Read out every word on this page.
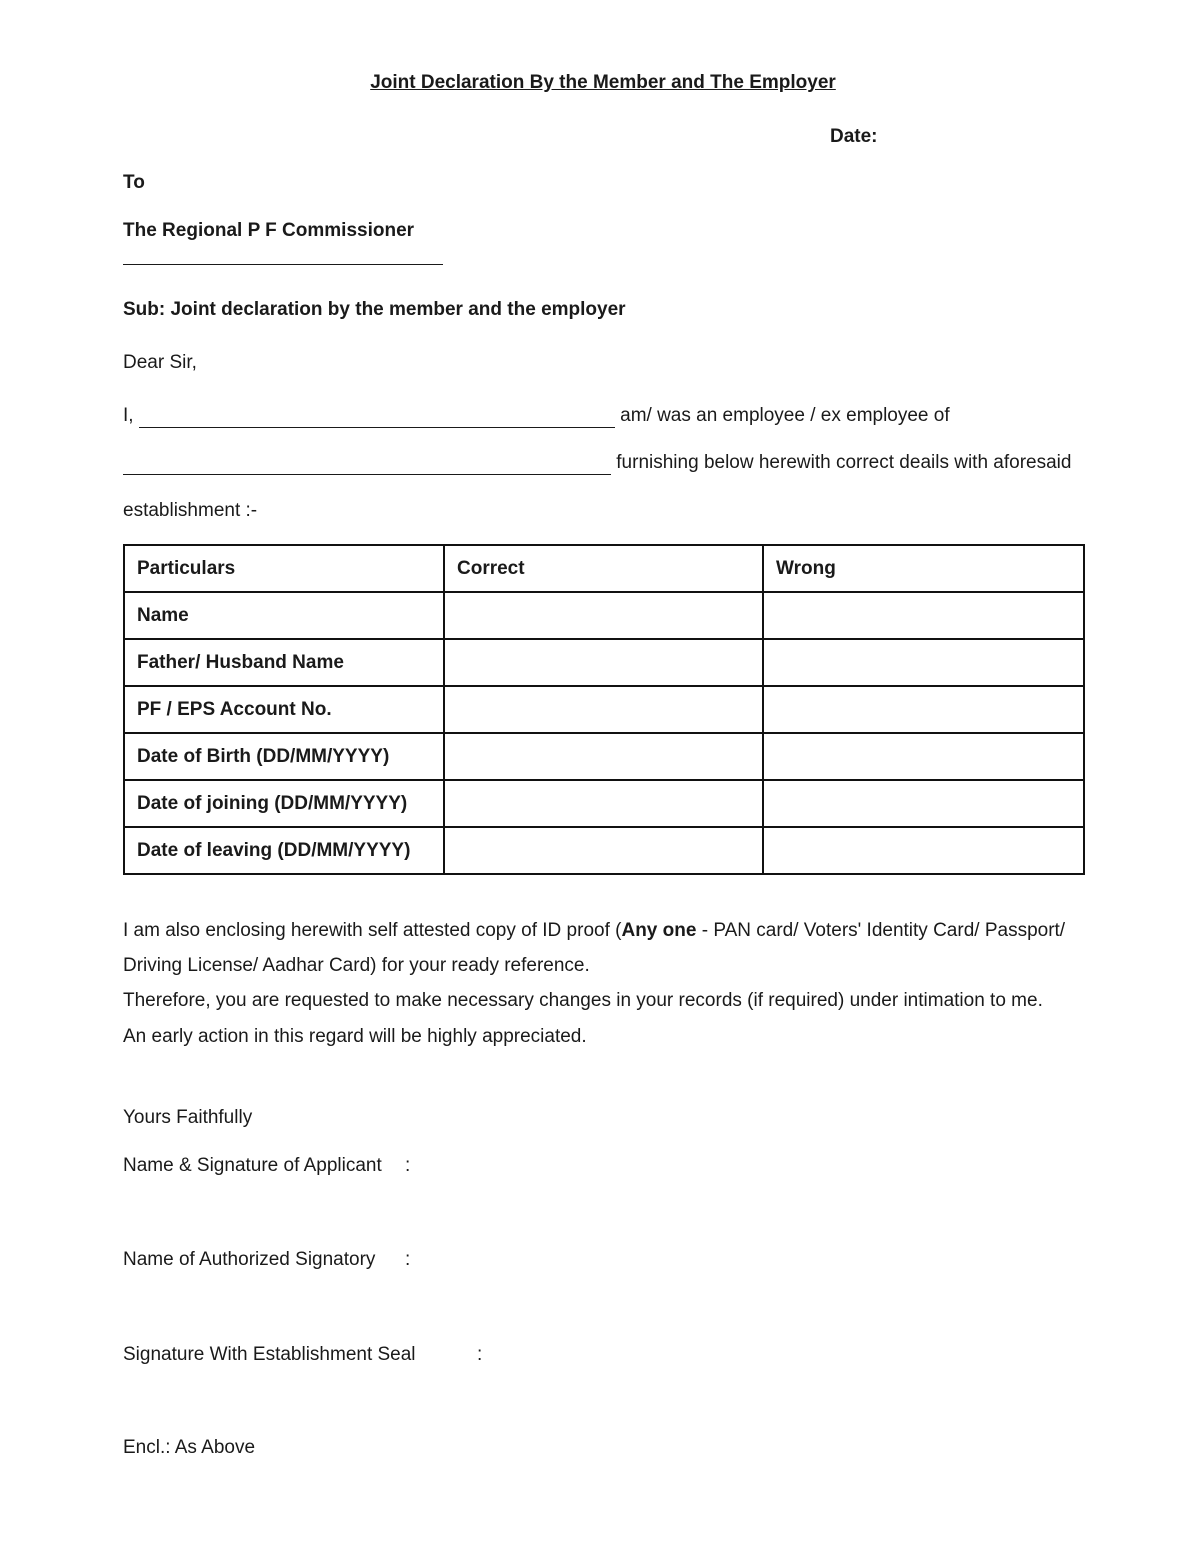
Joint Declaration By the Member and The Employer
Date:
To
The Regional P F Commissioner
Sub: Joint declaration by the member and the employer
Dear Sir,
I,	am/ was an employee / ex employee of
furnishing below herewith correct deails with aforesaid
establishment :-
Particulars	Correct	Wrong
Name		
Father/ Husband Name		
PF / EPS Account No.		
Date of Birth (DD/MM/YYYY)		
Date of joining (DD/MM/YYYY)		
Date of leaving (DD/MM/YYYY)		
I am also enclosing herewith self attested copy of ID proof (Any one - PAN card/ Voters' Identity Card/ Passport/ Driving License/ Aadhar Card) for your ready reference.
Therefore, you are requested to make necessary changes in your records (if required) under intimation to me.
An early action in this regard will be highly appreciated.
Yours Faithfully
Name & Signature of Applicant :
Name of Authorized Signatory :
Signature With Establishment Seal	:
Encl.: As Above
